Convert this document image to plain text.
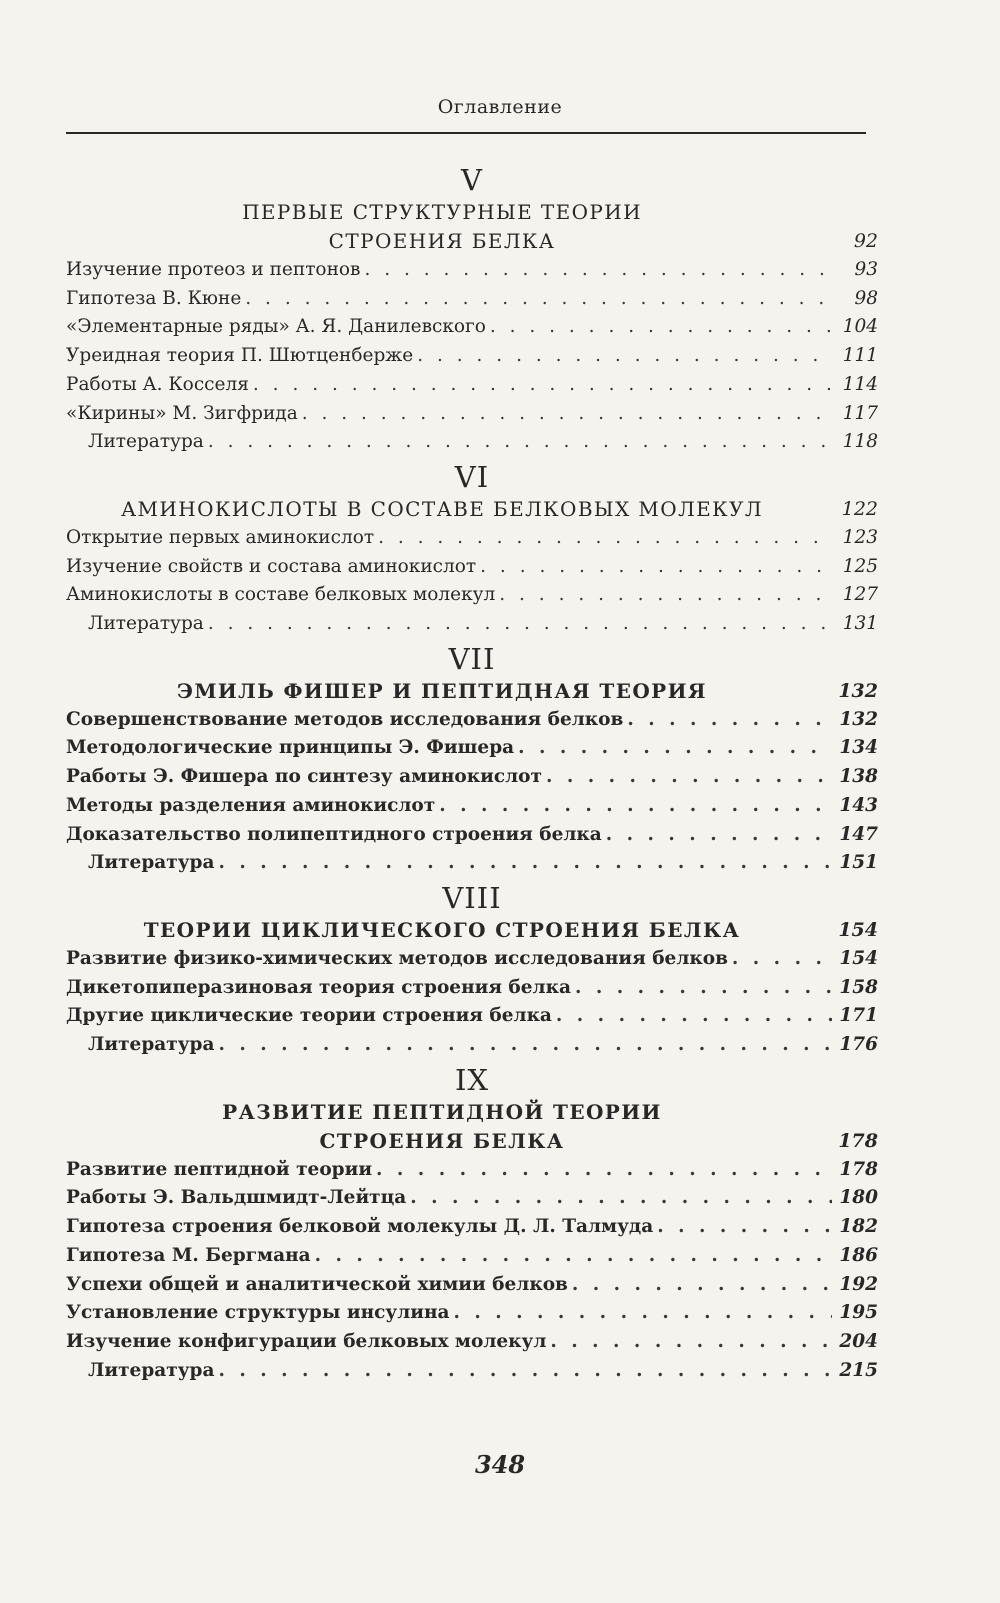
Оглавление
V
ПЕРВЫЕ СТРУКТУРНЫЕ ТЕОРИИ
СТРОЕНИЯ БЕЛКА	92
Изучение протеоз и пептонов . . .	93
Гипотеза В. Кюне . . .	98
«Элементарные ряды» А. Я. Данилевского . . .	104
Уреидная теория П. Шютценберже . . .	111
Работы А. Косселя . . .	114
«Кирины» М. Зигфрида . . .	117
Литература . . .	118
VI
АМИНОКИСЛОТЫ В СОСТАВЕ БЕЛКОВЫХ МОЛЕКУЛ	122
Открытие первых аминокислот . . .	123
Изучение свойств и состава аминокислот . . .	125
Аминокислоты в составе белковых молекул . . .	127
Литература . . .	131
VII
ЭМИЛЬ ФИШЕР И ПЕПТИДНАЯ ТЕОРИЯ	132
Совершенствование методов исследования белков . . .	132
Методологические принципы Э. Фишера . . .	134
Работы Э. Фишера по синтезу аминокислот . . .	138
Методы разделения аминокислот . . .	143
Доказательство полипептидного строения белка . . .	147
Литература . . .	151
VIII
ТЕОРИИ ЦИКЛИЧЕСКОГО СТРОЕНИЯ БЕЛКА	154
Развитие физико-химических методов исследования белков . . .	154
Дикетопиперазиновая теория строения белка . . .	158
Другие циклические теории строения белка . . .	171
Литература . . .	176
IX
РАЗВИТИЕ ПЕПТИДНОЙ ТЕОРИИ
СТРОЕНИЯ БЕЛКА	178
Развитие пептидной теории . . .	178
Работы Э. Вальдшмидт-Лейтца . . .	180
Гипотеза строения белковой молекулы Д. Л. Талмуда . . .	182
Гипотеза М. Бергмана . . .	186
Успехи общей и аналитической химии белков . . .	192
Установление структуры инсулина . . .	195
Изучение конфигурации белковых молекул . . .	204
Литература . . .	215
348
